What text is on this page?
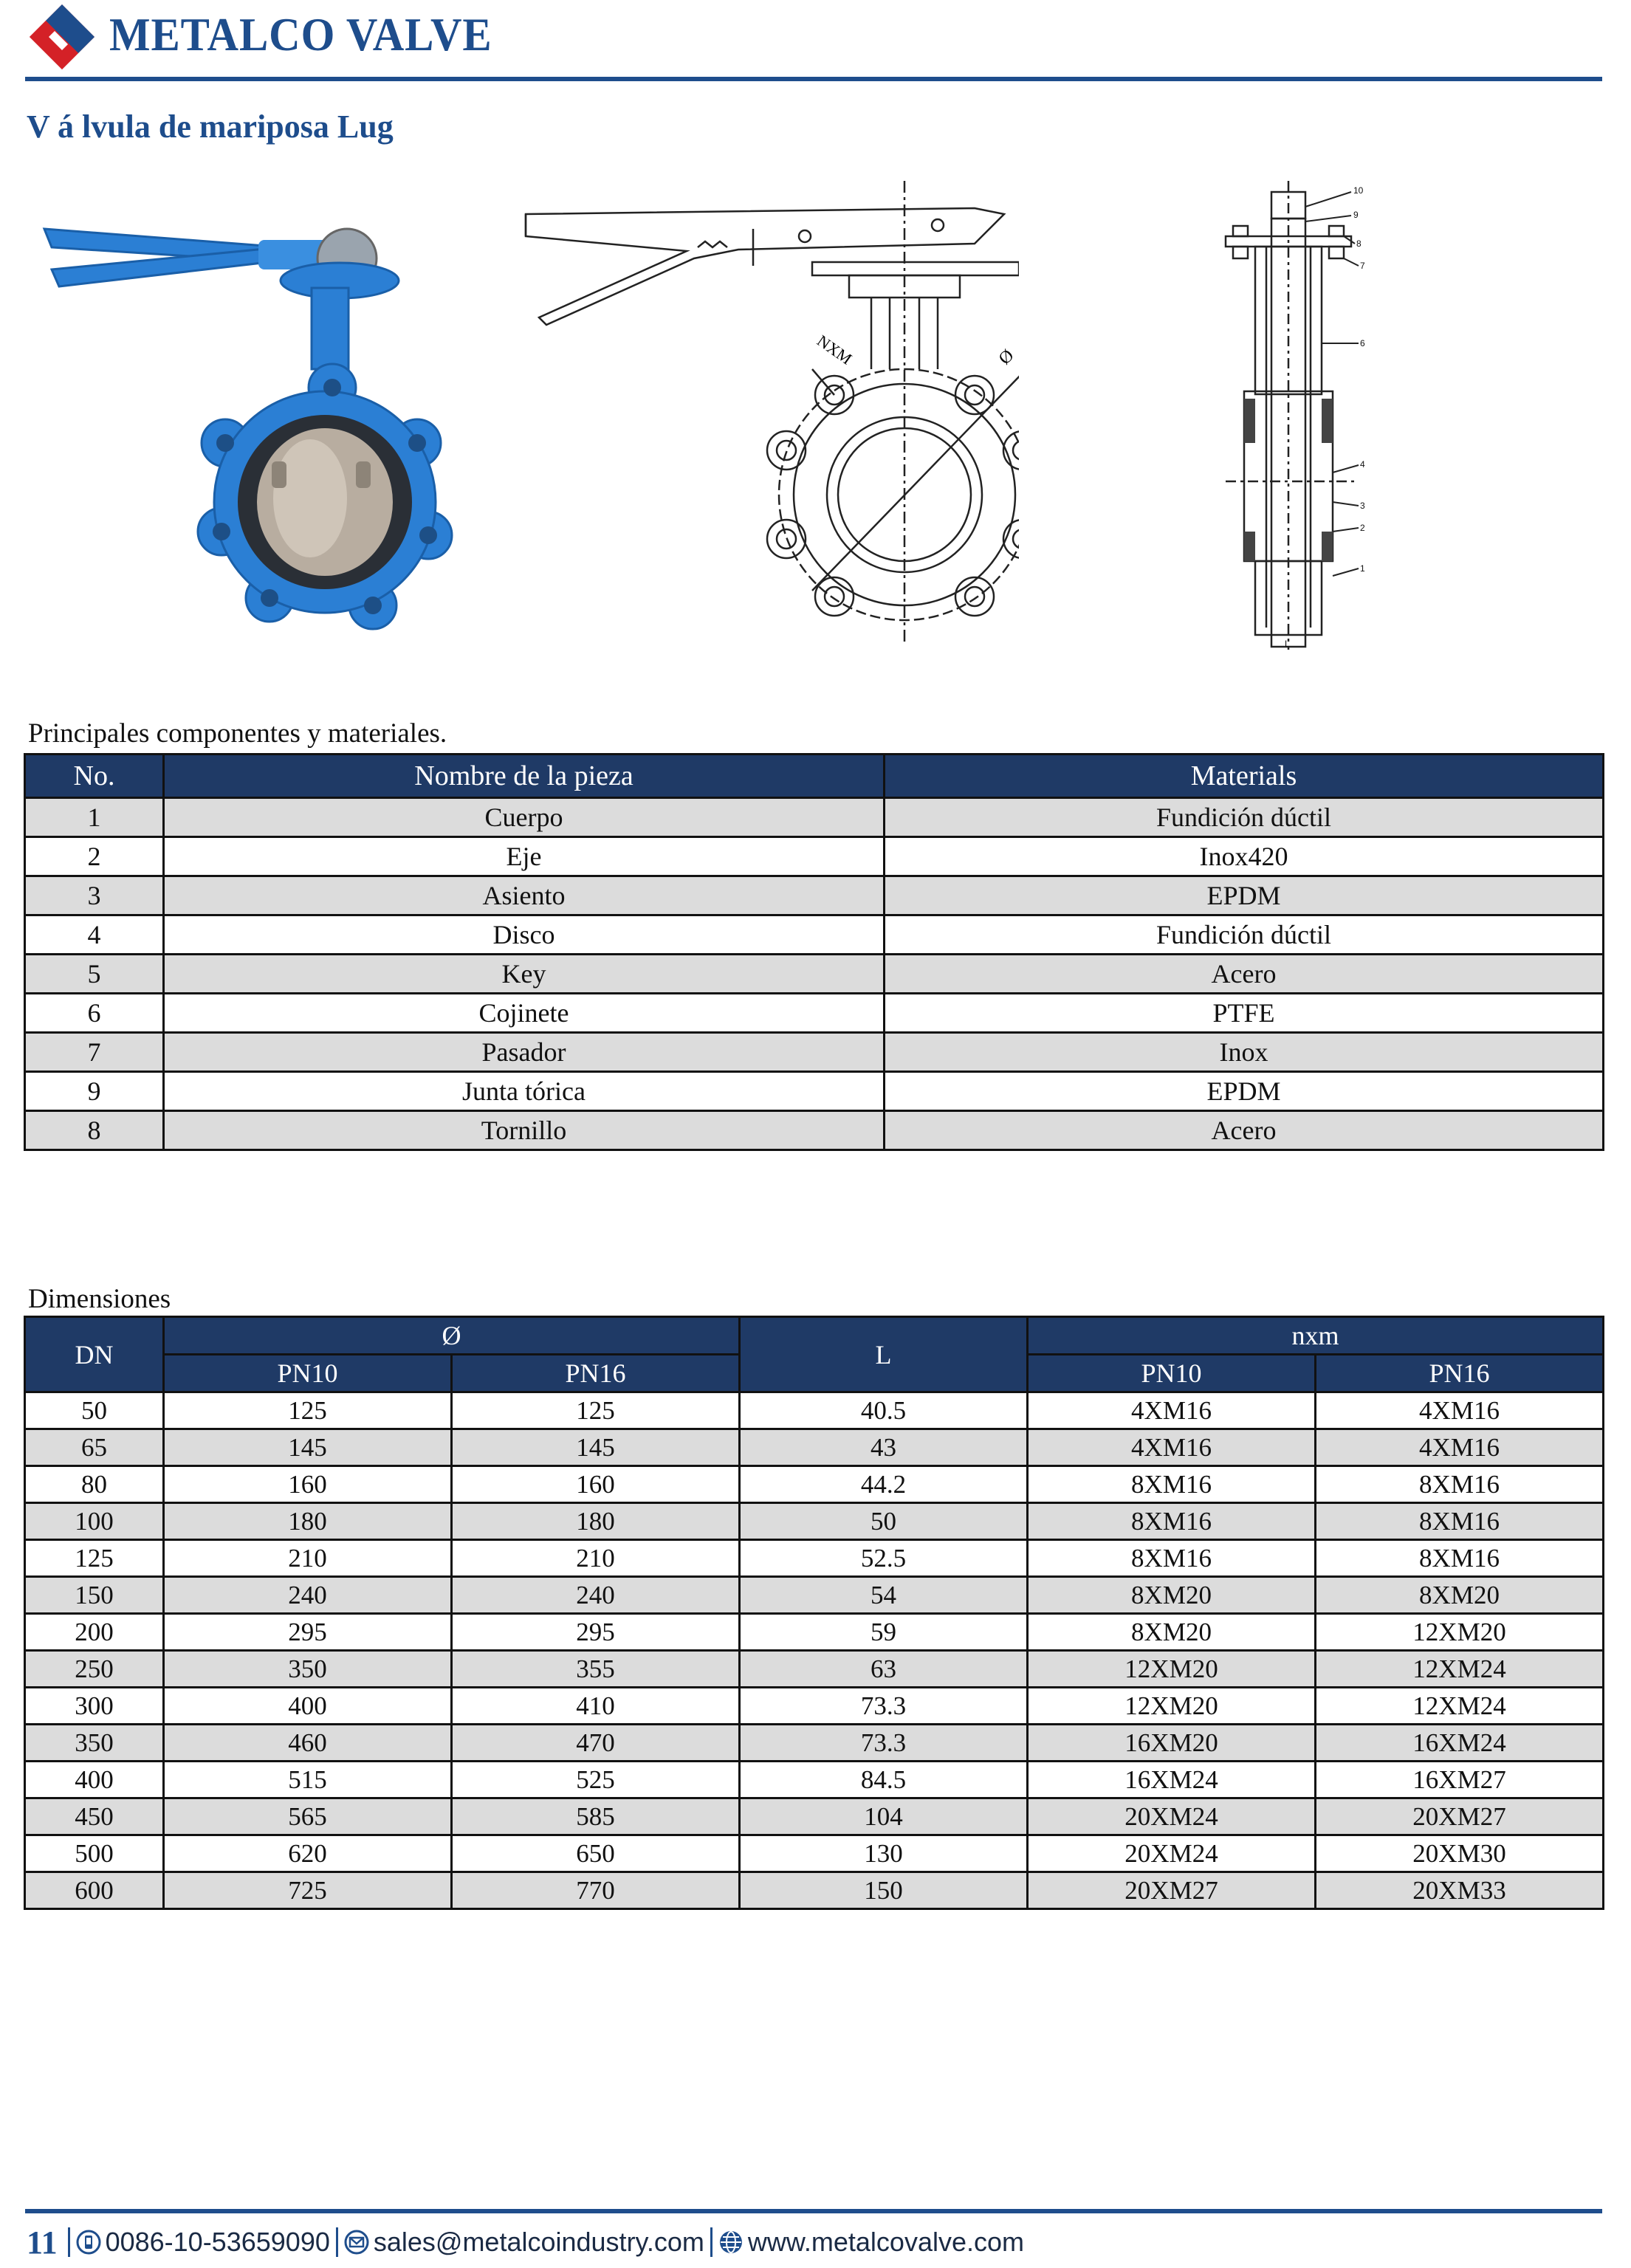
METALCO VALVE
V á lvula de mariposa Lug
NXM	Ø
10
9
8
7
6
4
3
2
1
L
Principales componentes y materiales.
No.	Nombre de la pieza	Materials
1	Cuerpo	Fundición dúctil
2	Eje	Inox420
3	Asiento	EPDM
4	Disco	Fundición dúctil
5	Key	Acero
6	Cojinete	PTFE
7	Pasador	Inox
9	Junta tórica	EPDM
8	Tornillo	Acero
Dimensiones
DN	Ø		L	nxm	
	PN10	PN16		PN10	PN16
50	125	125	40.5	4XM16	4XM16
65	145	145	43	4XM16	4XM16
80	160	160	44.2	8XM16	8XM16
100	180	180	50	8XM16	8XM16
125	210	210	52.5	8XM16	8XM16
150	240	240	54	8XM20	8XM20
200	295	295	59	8XM20	12XM20
250	350	355	63	12XM20	12XM24
300	400	410	73.3	12XM20	12XM24
350	460	470	73.3	16XM20	16XM24
400	515	525	84.5	16XM24	16XM27
450	565	585	104	20XM24	20XM27
500	620	650	130	20XM24	20XM30
600	725	770	150	20XM27	20XM33
11 0086-10-53659090 sales@metalcoindustry.com www.metalcovalve.com
